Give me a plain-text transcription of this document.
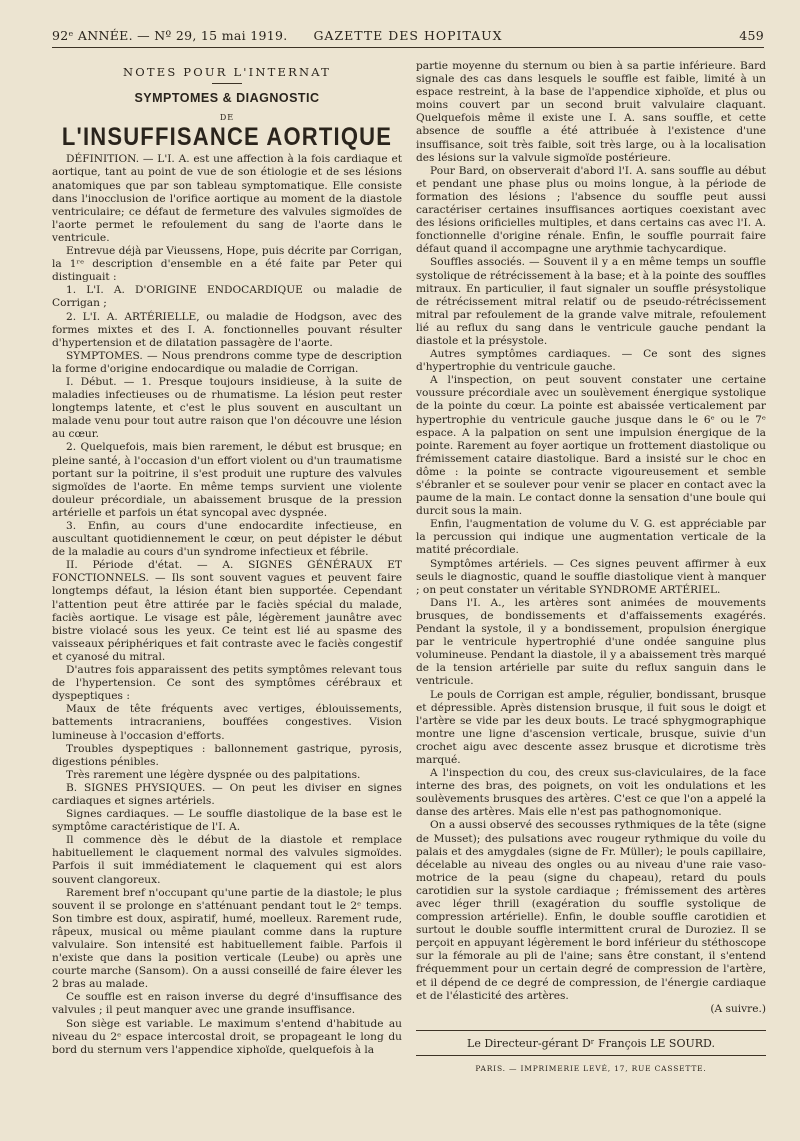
92ᵉ ANNÉE. — Nº 29, 15 mai 1919.	GAZETTE DES HOPITAUX	459
NOTES POUR L'INTERNAT
SYMPTOMES & DIAGNOSTIC
DE
L'INSUFFISANCE AORTIQUE

DÉFINITION. — L'I. A. est une affection à la fois cardiaque et aortique, tant au point de vue de son étiologie et de ses lésions anatomiques que par son tableau symptomatique. Elle consiste dans l'inocclusion de l'orifice aortique au moment de la diastole ventriculaire; ce défaut de fermeture des valvules sigmoïdes de l'aorte permet le refoulement du sang de l'aorte dans le ventricule.

Entrevue déjà par Vieussens, Hope, puis décrite par Corrigan, la 1ʳᵉ description d'ensemble en a été faite par Peter qui distinguait :

1. L'I. A. D'ORIGINE ENDOCARDIQUE ou maladie de Corrigan ;

2. L'I. A. ARTÉRIELLE, ou maladie de Hodgson, avec des formes mixtes et des I. A. fonctionnelles pouvant résulter d'hypertension et de dilatation passagère de l'aorte.

SYMPTOMES. — Nous prendrons comme type de description la forme d'origine endocardique ou maladie de Corrigan.

I. Début. — 1. Presque toujours insidieuse, à la suite de maladies infectieuses ou de rhumatisme. La lésion peut rester longtemps latente, et c'est le plus souvent en auscultant un malade venu pour tout autre raison que l'on découvre une lésion au cœur.

2. Quelquefois, mais bien rarement, le début est brusque; en pleine santé, à l'occasion d'un effort violent ou d'un traumatisme portant sur la poitrine, il s'est produit une rupture des valvules sigmoïdes de l'aorte. En même temps survient une violente douleur précordiale, un abaissement brusque de la pression artérielle et parfois un état syncopal avec dyspnée.

3. Enfin, au cours d'une endocardite infectieuse, en auscultant quotidiennement le cœur, on peut dépister le début de la maladie au cours d'un syndrome infectieux et fébrile.

II. Période d'état. — A. SIGNES GÉNÉRAUX ET FONCTIONNELS. — Ils sont souvent vagues et peuvent faire longtemps défaut, la lésion étant bien supportée. Cependant l'attention peut être attirée par le faciès spécial du malade, faciès aortique. Le visage est pâle, légèrement jaunâtre avec bistre violacé sous les yeux. Ce teint est lié au spasme des vaisseaux périphériques et fait contraste avec le faciès congestif et cyanosé du mitral.

D'autres fois apparaissent des petits symptômes relevant tous de l'hypertension. Ce sont des symptômes cérébraux et dyspeptiques :

Maux de tête fréquents avec vertiges, éblouissements, battements intracraniens, bouffées congestives. Vision lumineuse à l'occasion d'efforts.

Troubles dyspeptiques : ballonnement gastrique, pyrosis, digestions pénibles.

Très rarement une légère dyspnée ou des palpitations.

B. SIGNES PHYSIQUES. — On peut les diviser en signes cardiaques et signes artériels.

Signes cardiaques. — Le souffle diastolique de la base est le symptôme caractéristique de l'I. A.

Il commence dès le début de la diastole et remplace habituellement le claquement normal des valvules sigmoïdes. Parfois il suit immédiatement le claquement qui est alors souvent clangoreux.

Rarement bref n'occupant qu'une partie de la diastole; le plus souvent il se prolonge en s'atténuant pendant tout le 2ᵉ temps. Son timbre est doux, aspiratif, humé, moelleux. Rarement rude, râpeux, musical ou même piaulant comme dans la rupture valvulaire. Son intensité est habituellement faible. Parfois il n'existe que dans la position verticale (Leube) ou après une courte marche (Sansom). On a aussi conseillé de faire élever les 2 bras au malade.

Ce souffle est en raison inverse du degré d'insuffisance des valvules ; il peut manquer avec une grande insuffisance.

Son siège est variable. Le maximum s'entend d'habitude au niveau du 2ᵉ espace intercostal droit, se propageant le long du bord du sternum vers l'appendice xiphoïde, quelquefois à la

partie moyenne du sternum ou bien à sa partie inférieure. Bard signale des cas dans lesquels le souffle est faible, limité à un espace restreint, à la base de l'appendice xiphoïde, et plus ou moins couvert par un second bruit valvulaire claquant. Quelquefois même il existe une I. A. sans souffle, et cette absence de souffle a été attribuée à l'existence d'une insuffisance, soit très faible, soit très large, ou à la localisation des lésions sur la valvule sigmoïde postérieure.

Pour Bard, on observerait d'abord l'I. A. sans souffle au début et pendant une phase plus ou moins longue, à la période de formation des lésions ; l'absence du souffle peut aussi caractériser certaines insuffisances aortiques coexistant avec des lésions orificielles multiples, et dans certains cas avec l'I. A. fonctionnelle d'origine rénale. Enfin, le souffle pourrait faire défaut quand il accompagne une arythmie tachycardique.

Souffles associés. — Souvent il y a en même temps un souffle systolique de rétrécissement à la base; et à la pointe des souffles mitraux. En particulier, il faut signaler un souffle présystolique de rétrécissement mitral relatif ou de pseudo-rétrécissement mitral par refoulement de la grande valve mitrale, refoulement lié au reflux du sang dans le ventricule gauche pendant la diastole et la présystole.

Autres symptômes cardiaques. — Ce sont des signes d'hypertrophie du ventricule gauche.

A l'inspection, on peut souvent constater une certaine voussure précordiale avec un soulèvement énergique systolique de la pointe du cœur. La pointe est abaissée verticalement par hypertrophie du ventricule gauche jusque dans le 6ᵉ ou le 7ᵉ espace. A la palpation on sent une impulsion énergique de la pointe. Rarement au foyer aortique un frottement diastolique ou frémissement cataire diastolique. Bard a insisté sur le choc en dôme : la pointe se contracte vigoureusement et semble s'ébranler et se soulever pour venir se placer en contact avec la paume de la main. Le contact donne la sensation d'une boule qui durcit sous la main.

Enfin, l'augmentation de volume du V. G. est appréciable par la percussion qui indique une augmentation verticale de la matité précordiale.

Symptômes artériels. — Ces signes peuvent affirmer à eux seuls le diagnostic, quand le souffle diastolique vient à manquer ; on peut constater un véritable SYNDROME ARTÉRIEL.

Dans l'I. A., les artères sont animées de mouvements brusques, de bondissements et d'affaissements exagérés. Pendant la systole, il y a bondissement, propulsion énergique par le ventricule hypertrophié d'une ondée sanguine plus volumineuse. Pendant la diastole, il y a abaissement très marqué de la tension artérielle par suite du reflux sanguin dans le ventricule.

Le pouls de Corrigan est ample, régulier, bondissant, brusque et dépressible. Après distension brusque, il fuit sous le doigt et l'artère se vide par les deux bouts. Le tracé sphygmographique montre une ligne d'ascension verticale, brusque, suivie d'un crochet aigu avec descente assez brusque et dicrotisme très marqué.

A l'inspection du cou, des creux sus-claviculaires, de la face interne des bras, des poignets, on voit les ondulations et les soulèvements brusques des artères. C'est ce que l'on a appelé la danse des artères. Mais elle n'est pas pathognomonique.

On a aussi observé des secousses rythmiques de la tête (signe de Musset); des pulsations avec rougeur rythmique du voile du palais et des amygdales (signe de Fr. Müller); le pouls capillaire, décelable au niveau des ongles ou au niveau d'une raie vaso-motrice de la peau (signe du chapeau), retard du pouls carotidien sur la systole cardiaque ; frémissement des artères avec léger thrill (exagération du souffle systolique de compression artérielle). Enfin, le double souffle carotidien et surtout le double souffle intermittent crural de Duroziez. Il se perçoit en appuyant légèrement le bord inférieur du stéthoscope sur la fémorale au pli de l'aine; sans être constant, il s'entend fréquemment pour un certain degré de compression de l'artère, et il dépend de ce degré de compression, de l'énergie cardiaque et de l'élasticité des artères.

(A suivre.)

Le Directeur-gérant Dʳ François LE SOURD.
PARIS. — IMPRIMERIE LEVÉ, 17, RUE CASSETTE.
